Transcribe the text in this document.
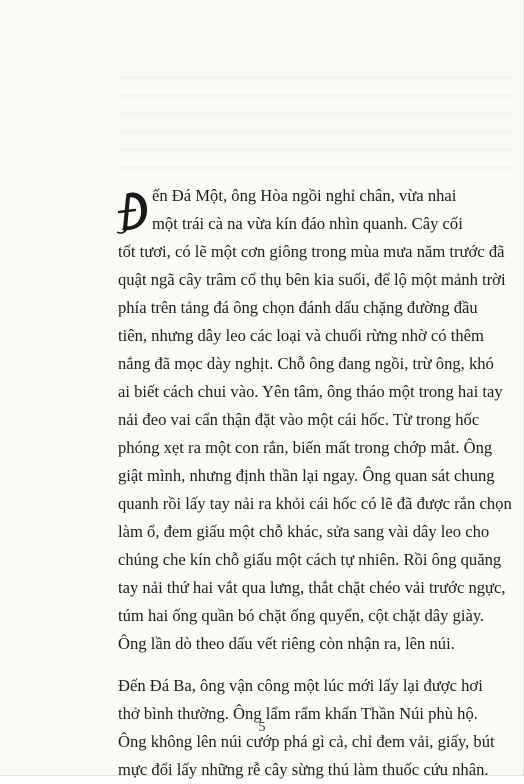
ến Đá Một, ông Hòa ngồi nghỉ chân, vừa nhai
một trái cà na vừa kín đáo nhìn quanh. Cây cối
tốt tươi, có lẽ một cơn giông trong mùa mưa năm trước đã
quật ngã cây trâm cổ thụ bên kia suối, để lộ một mảnh trời
phía trên tảng đá ông chọn đánh dấu chặng đường đầu
tiên, nhưng dây leo các loại và chuối rừng nhờ có thêm
nắng đã mọc dày nghịt. Chỗ ông đang ngồi, trừ ông, khó
ai biết cách chui vào. Yên tâm, ông tháo một trong hai tay
nải đeo vai cẩn thận đặt vào một cái hốc. Từ trong hốc
phóng xẹt ra một con rắn, biến mất trong chớp mắt. Ông
giật mình, nhưng định thần lại ngay. Ông quan sát chung
quanh rồi lấy tay nải ra khỏi cái hốc có lẽ đã được rắn chọn
làm ổ, đem giấu một chỗ khác, sửa sang vài dây leo cho
chúng che kín chỗ giấu một cách tự nhiên. Rồi ông quăng
tay nải thứ hai vắt qua lưng, thắt chặt chéo vải trước ngực,
túm hai ống quần bó chặt ống quyển, cột chặt dây giày.
Ông lần dò theo dấu vết riêng còn nhận ra, lên núi.
Đến Đá Ba, ông vận công một lúc mới lấy lại được hơi
thở bình thường. Ông lẩm rẩm khấn Thần Núi phù hộ.
Ông không lên núi cướp phá gì cả, chỉ đem vải, giấy, bút
mực đổi lấy những rễ cây sừng thú làm thuốc cứu nhân.
5
